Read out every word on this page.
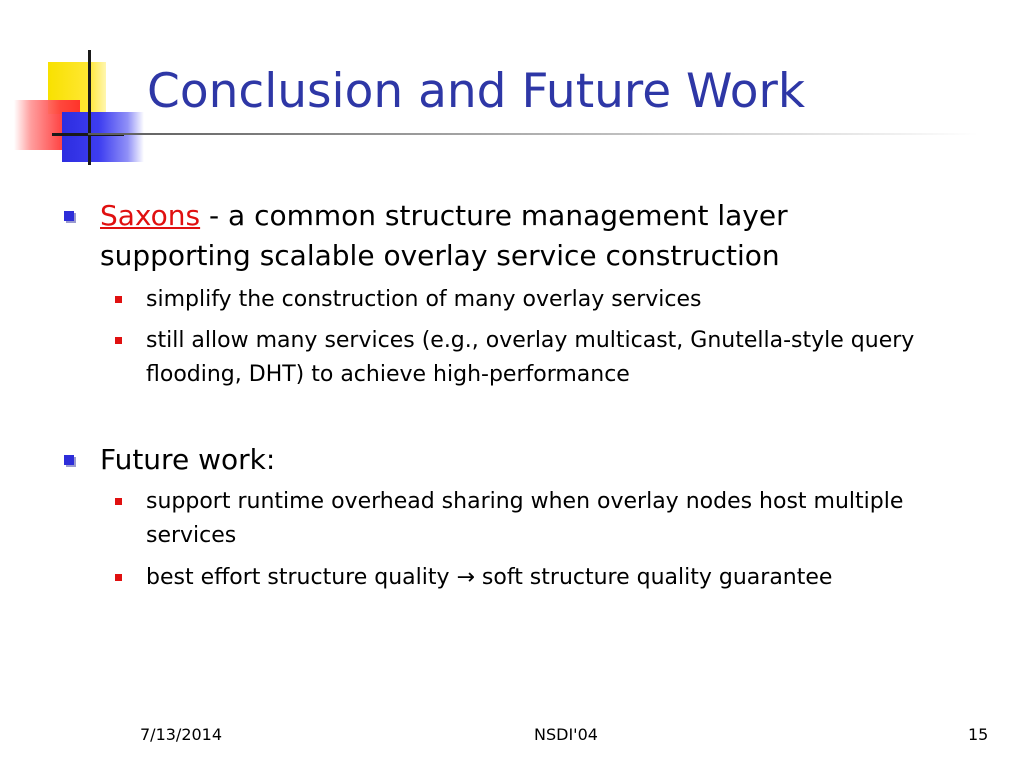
Conclusion and Future Work
Saxons - a common structure management layer supporting scalable overlay service construction
simplify the construction of many overlay services
still allow many services (e.g., overlay multicast, Gnutella-style query flooding, DHT) to achieve high-performance
Future work:
support runtime overhead sharing when overlay nodes host multiple services
best effort structure quality → soft structure quality guarantee
7/13/2014	NSDI'04	15
